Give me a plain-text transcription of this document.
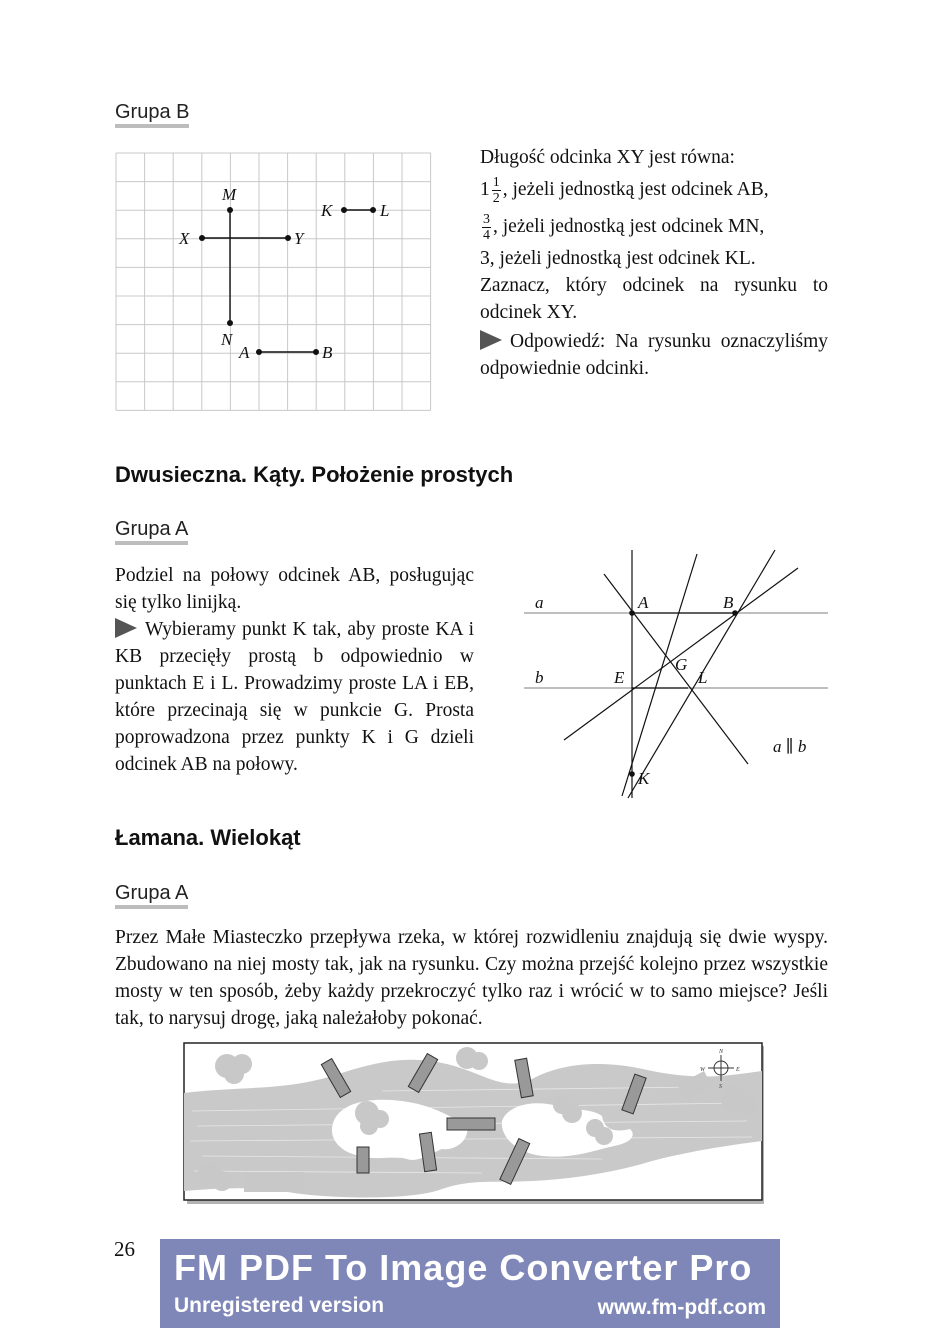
Grupa B
M
N
X	Y
K	L
A	B
Długość odcinka XY jest równa:
$1 \frac{1}{2}$ , jeżeli jednostką jest odcinek AB,
$\frac{3}{4}$ , jeżeli jednostką jest odcinek MN,
3, jeżeli jednostką jest odcinek KL.
Zaznacz, który odcinek na rysunku to odcinek XY.
Odpowiedź: Na rysunku oznaczyliśmy odpowiednie odcinki.
Dwusieczna. Kąty. Położenie prostych
Grupa A
Podziel na połowy odcinek AB, posługując się tylko linijką.
Wybieramy punkt K tak, aby proste KA i KB przecięły prostą b odpowiednio w punktach E i L. Prowadzimy proste LA i EB, które przecinają się w punkcie G. Prosta poprowadzona przez punkty K i G dzieli odcinek AB na połowy.
a
b
A	B
E	L
G
K
a ∥ b
Łamana. Wielokąt
Grupa A
Przez Małe Miasteczko przepływa rzeka, w której rozwidleniu znajdują się dwie wyspy. Zbudowano na niej mosty tak, jak na rysunku. Czy można przejść kolejno przez wszystkie mosty w ten sposób, żeby każdy przekroczyć tylko raz i wrócić w to samo miejsce? Jeśli tak, to narysuj drogę, jaką należałoby pokonać.
N
S
W	E
26 FM PDF To Image Converter Pro
Unregistered version	www.fm-pdf.com
